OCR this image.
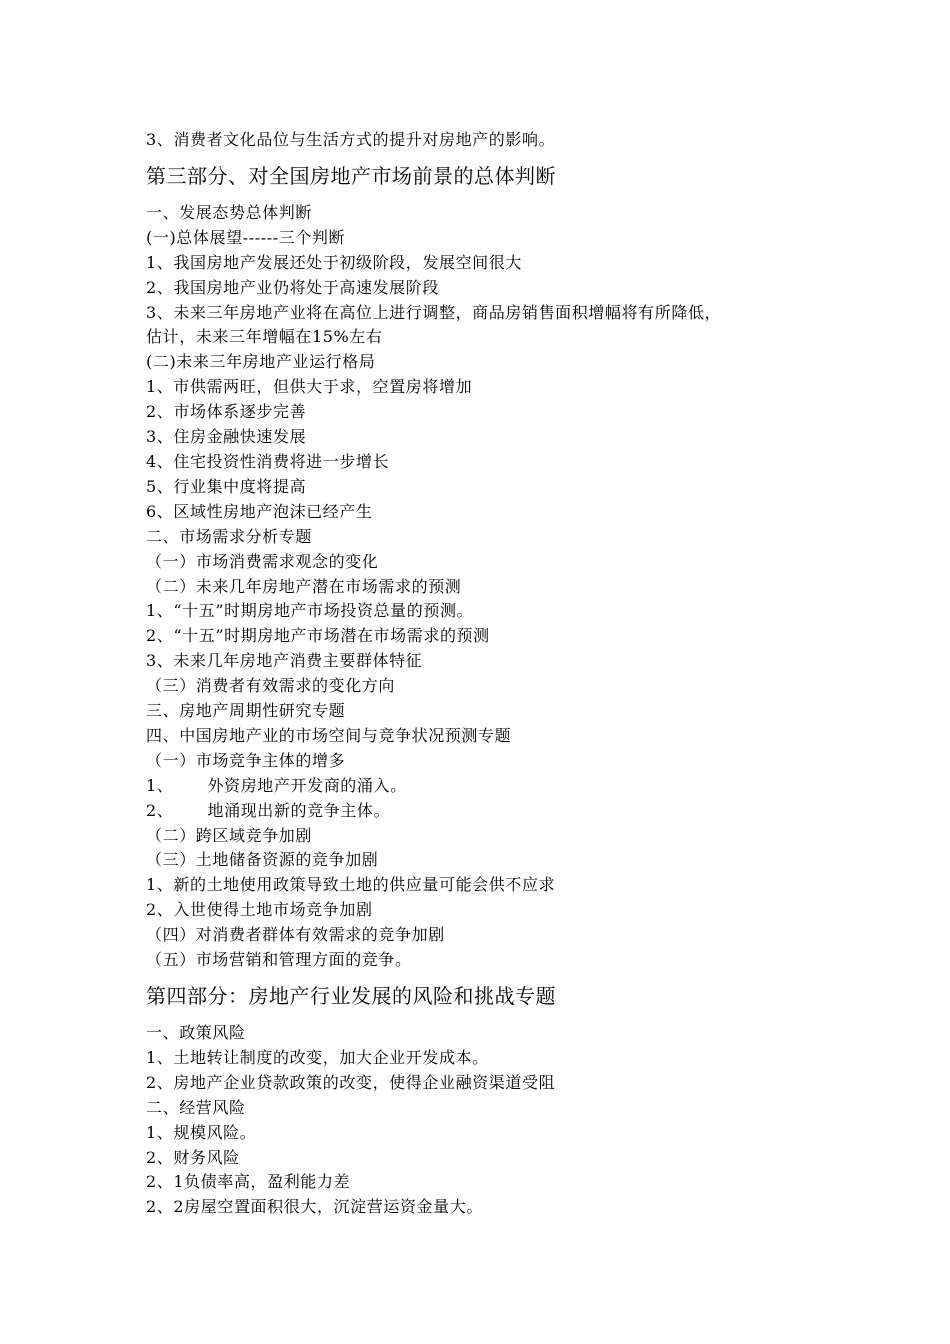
3、消费者文化品位与生活方式的提升对房地产的影响。
第三部分、对全国房地产市场前景的总体判断
一、发展态势总体判断
(一)总体展望------三个判断
1、我国房地产发展还处于初级阶段，发展空间很大
2、我国房地产业仍将处于高速发展阶段
3、未来三年房地产业将在高位上进行调整，商品房销售面积增幅将有所降低，
估计，未来三年增幅在15%左右
(二)未来三年房地产业运行格局
1、市供需两旺，但供大于求，空置房将增加
2、市场体系逐步完善
3、住房金融快速发展
4、住宅投资性消费将进一步增长
5、行业集中度将提高
6、区域性房地产泡沫已经产生
二、市场需求分析专题
（一）市场消费需求观念的变化
（二）未来几年房地产潜在市场需求的预测
1、“十五”时期房地产市场投资总量的预测。
2、“十五”时期房地产市场潜在市场需求的预测
3、未来几年房地产消费主要群体特征
（三）消费者有效需求的变化方向
三、房地产周期性研究专题
四、中国房地产业的市场空间与竞争状况预测专题
（一）市场竞争主体的增多
1、      外资房地产开发商的涌入。
2、      地涌现出新的竞争主体。
（二）跨区域竞争加剧
（三）土地储备资源的竞争加剧
1、新的土地使用政策导致土地的供应量可能会供不应求
2、入世使得土地市场竞争加剧
（四）对消费者群体有效需求的竞争加剧
（五）市场营销和管理方面的竞争。
第四部分：房地产行业发展的风险和挑战专题
一、政策风险
1、土地转让制度的改变，加大企业开发成本。
2、房地产企业贷款政策的改变，使得企业融资渠道受阻
二、经营风险
1、规模风险。
2、财务风险
2、1负债率高，盈利能力差
2、2房屋空置面积很大，沉淀营运资金量大。
